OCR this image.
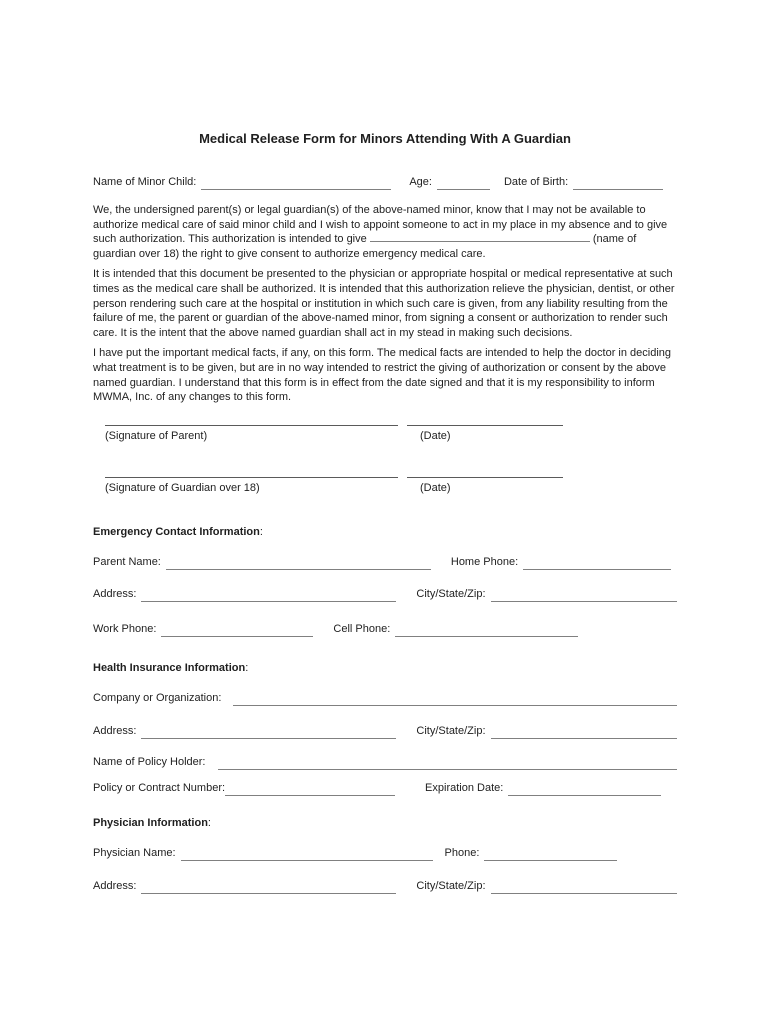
Medical Release Form for Minors Attending With A Guardian
Name of Minor Child:	Age:	Date of Birth:

We, the undersigned parent(s) or legal guardian(s) of the above-named minor, know that I may not be available to authorize medical care of said minor child and I wish to appoint someone to act in my place in my absence and to give such authorization. This authorization is intended to give	(name of guardian over 18) the right to give consent to authorize emergency medical care.

It is intended that this document be presented to the physician or appropriate hospital or medical representative at such times as the medical care shall be authorized. It is intended that this authorization relieve the physician, dentist, or other person rendering such care at the hospital or institution in which such care is given, from any liability resulting from the failure of me, the parent or guardian of the above-named minor, from signing a consent or authorization to render such care. It is the intent that the above named guardian shall act in my stead in making such decisions.

I have put the important medical facts, if any, on this form. The medical facts are intended to help the doctor in deciding what treatment is to be given, but are in no way intended to restrict the giving of authorization or consent by the above named guardian. I understand that this form is in effect from the date signed and that it is my responsibility to inform MWMA, Inc. of any changes to this form.

(Signature of Parent)	(Date)
(Signature of Guardian over 18)	(Date)
Emergency Contact Information:
Parent Name:	Home Phone:
Address:	City/State/Zip:
Work Phone:	Cell Phone:
Health Insurance Information:
Company or Organization:
Address:	City/State/Zip:
Name of Policy Holder:
Policy or Contract Number:	Expiration Date:
Physician Information:
Physician Name:	Phone:
Address:	City/State/Zip:
